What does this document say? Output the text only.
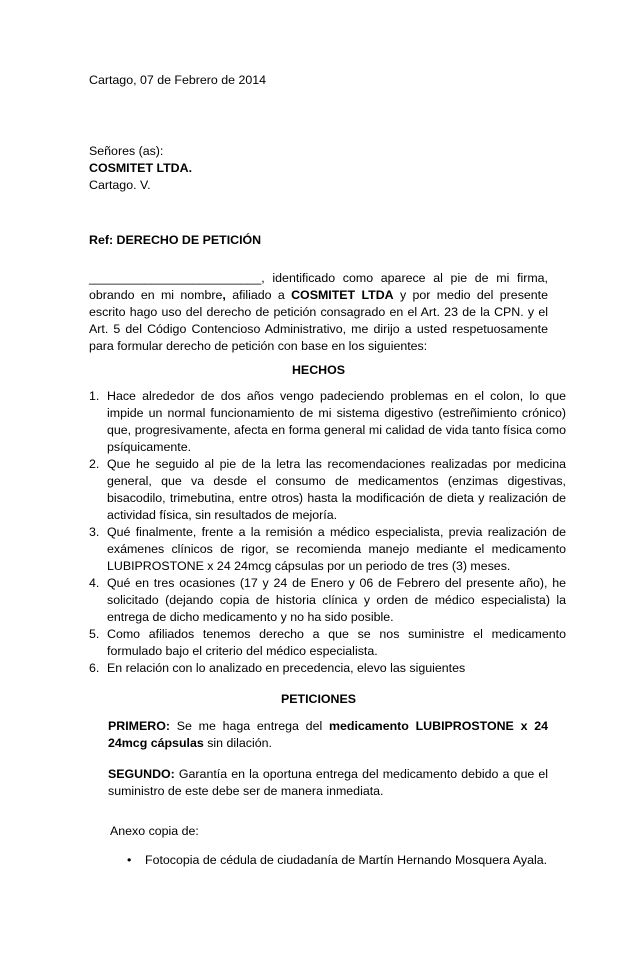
Cartago, 07 de Febrero de 2014
Señores (as):
COSMITET LTDA.
Cartago. V.
Ref: DERECHO DE PETICIÓN
_________________________, identificado como aparece al pie de mi firma, obrando en mi nombre, afiliado a COSMITET LTDA y por medio del presente escrito hago uso del derecho de petición consagrado en el Art. 23 de la CPN. y el Art. 5 del Código Contencioso Administrativo, me dirijo a usted respetuosamente para formular derecho de petición con base en los siguientes:
HECHOS
1. Hace alrededor de dos años vengo padeciendo problemas en el colon, lo que impide un normal funcionamiento de mi sistema digestivo (estreñimiento crónico) que, progresivamente, afecta en forma general mi calidad de vida tanto física como psíquicamente.
2. Que he seguido al pie de la letra las recomendaciones realizadas por medicina general, que va desde el consumo de medicamentos (enzimas digestivas, bisacodilo, trimebutina, entre otros) hasta la modificación de dieta y realización de actividad física, sin resultados de mejoría.
3. Qué finalmente, frente a la remisión a médico especialista, previa realización de exámenes clínicos de rigor, se recomienda manejo mediante el medicamento LUBIPROSTONE x 24 24mcg cápsulas por un periodo de tres (3) meses.
4. Qué en tres ocasiones (17 y 24 de Enero y 06 de Febrero del presente año), he solicitado (dejando copia de historia clínica y orden de médico especialista) la entrega de dicho medicamento y no ha sido posible.
5. Como afiliados tenemos derecho a que se nos suministre el medicamento formulado bajo el criterio del médico especialista.
6. En relación con lo analizado en precedencia, elevo las siguientes
PETICIONES
PRIMERO: Se me haga entrega del medicamento LUBIPROSTONE x 24 24mcg cápsulas sin dilación.
SEGUNDO: Garantía en la oportuna entrega del medicamento debido a que el suministro de este debe ser de manera inmediata.
Anexo copia de:
• Fotocopia de cédula de ciudadanía de Martín Hernando Mosquera Ayala.
